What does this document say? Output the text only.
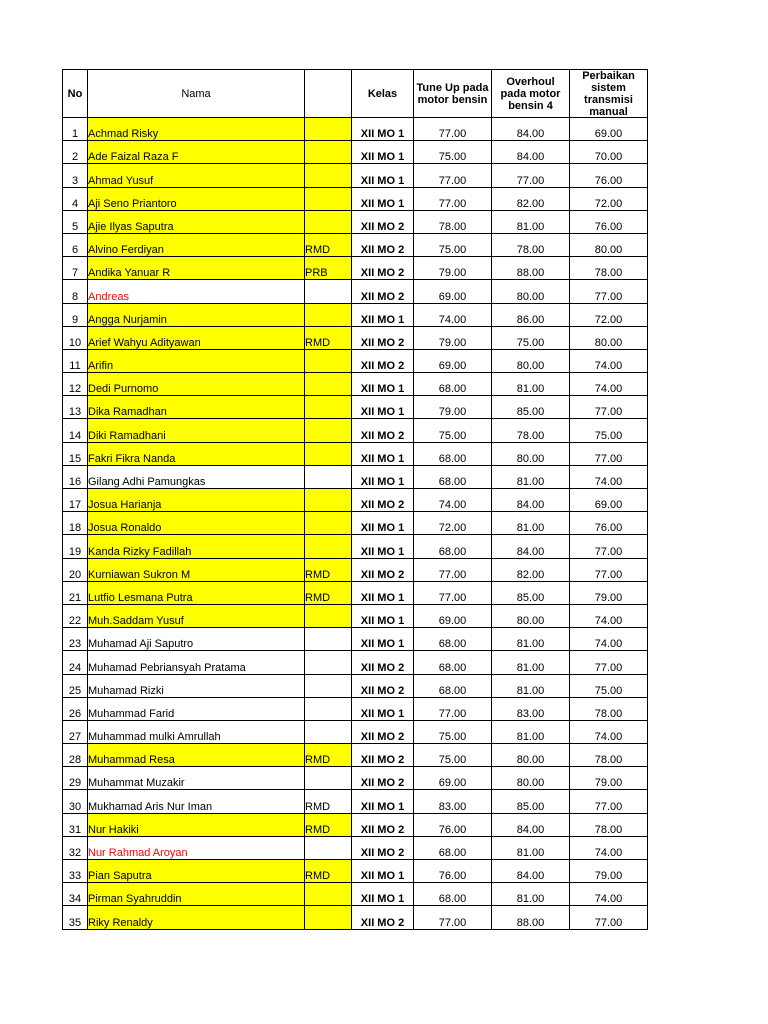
No	Nama		Kelas	Tune Up pada motor bensin	Overhoul pada motor bensin 4	Perbaikan sistem transmisi manual

1	Achmad Risky		XII MO 1	77.00	84.00	69.00
2	Ade Faizal Raza F		XII MO 1	75.00	84.00	70.00
3	Ahmad Yusuf		XII MO 1	77.00	77.00	76.00
4	Aji Seno Priantoro		XII MO 1	77.00	82.00	72.00
5	Ajie Ilyas Saputra		XII MO 2	78.00	81.00	76.00
6	Alvino Ferdiyan	RMD	XII MO 2	75.00	78.00	80.00
7	Andika Yanuar R	PRB	XII MO 2	79.00	88.00	78.00
8	Andreas		XII MO 2	69.00	80.00	77.00
9	Angga Nurjamin		XII MO 1	74.00	86.00	72.00
10	Arief Wahyu Adityawan	RMD	XII MO 2	79.00	75.00	80.00
11	Arifin		XII MO 2	69.00	80.00	74.00
12	Dedi Purnomo		XII MO 1	68.00	81.00	74.00
13	Dika Ramadhan		XII MO 1	79.00	85.00	77.00
14	Diki Ramadhani		XII MO 2	75.00	78.00	75.00
15	Fakri Fikra Nanda		XII MO 1	68.00	80.00	77.00
16	Gilang Adhi Pamungkas		XII MO 1	68.00	81.00	74.00
17	Josua Harianja		XII MO 2	74.00	84.00	69.00
18	Josua Ronaldo		XII MO 1	72.00	81.00	76.00
19	Kanda Rizky Fadillah		XII MO 1	68.00	84.00	77.00
20	Kurniawan Sukron M	RMD	XII MO 2	77.00	82.00	77.00
21	Lutfio Lesmana Putra	RMD	XII MO 1	77.00	85.00	79.00
22	Muh.Saddam Yusuf		XII MO 1	69.00	80.00	74.00
23	Muhamad Aji Saputro		XII MO 1	68.00	81.00	74.00
24	Muhamad Pebriansyah Pratama		XII MO 2	68.00	81.00	77.00
25	Muhamad Rizki		XII MO 2	68.00	81.00	75.00
26	Muhammad Farid		XII MO 1	77.00	83.00	78.00
27	Muhammad mulki Amrullah		XII MO 2	75.00	81.00	74.00
28	Muhammad Resa	RMD	XII MO 2	75.00	80.00	78.00
29	Muhammat Muzakir		XII MO 2	69.00	80.00	79.00
30	Mukhamad Aris Nur Iman	RMD	XII MO 1	83.00	85.00	77.00
31	Nur Hakiki	RMD	XII MO 2	76.00	84.00	78.00
32	Nur Rahmad Aroyan		XII MO 2	68.00	81.00	74.00
33	Pian Saputra	RMD	XII MO 1	76.00	84.00	79.00
34	Pirman Syahruddin		XII MO 1	68.00	81.00	74.00
35	Riky Renaldy		XII MO 2	77.00	88.00	77.00
